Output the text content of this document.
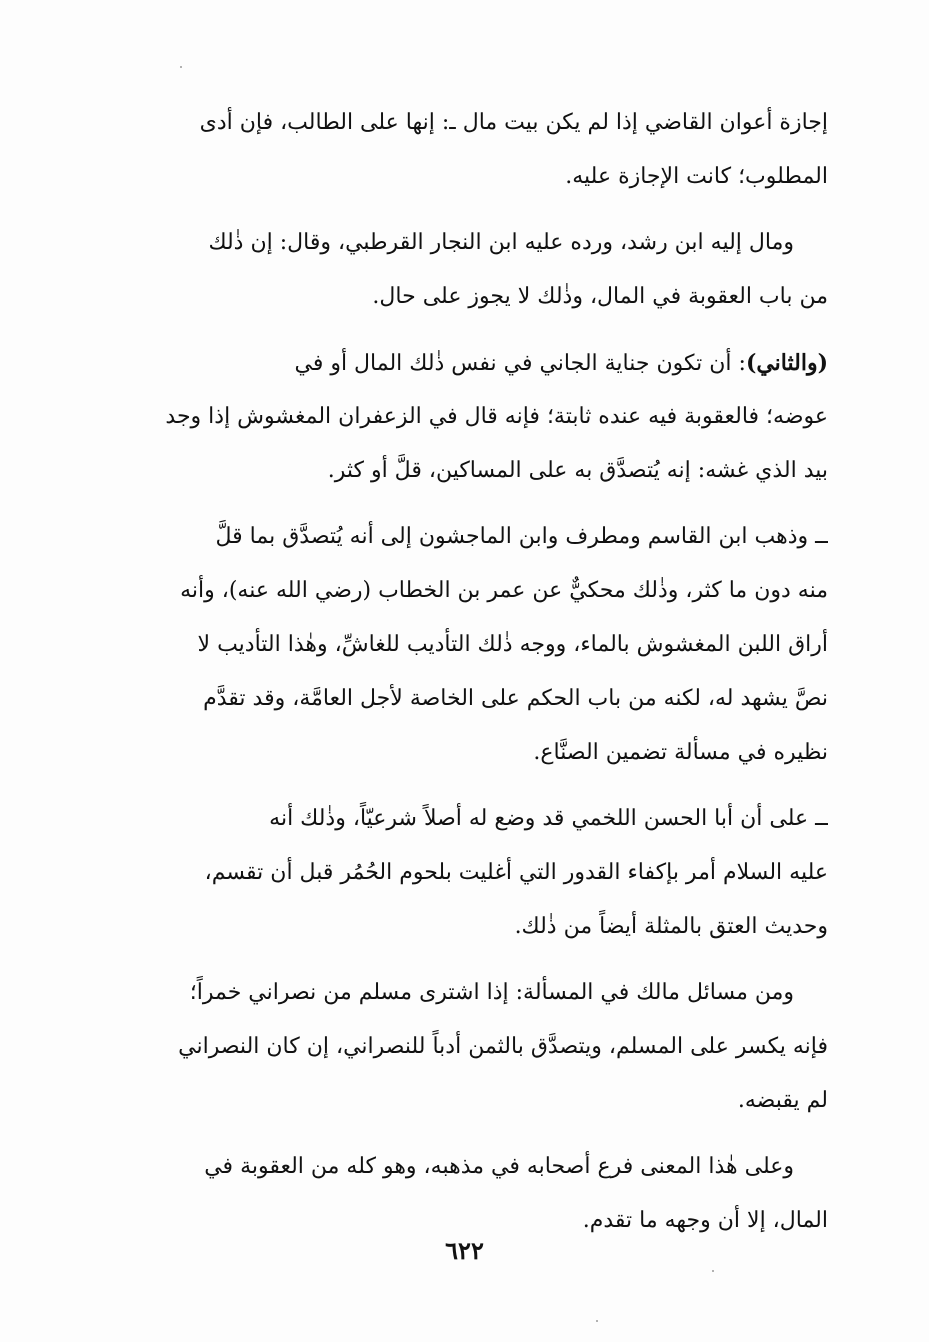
إجازة أعوان القاضي إذا لم يكن بيت مال ـ: إنها على الطالب، فإن أدى
المطلوب؛ كانت الإجازة عليه.
ومال إليه ابن رشد، ورده عليه ابن النجار القرطبي، وقال: إن ذٰلك
من باب العقوبة في المال، وذٰلك لا يجوز على حال.
(والثاني): أن تكون جناية الجاني في نفس ذٰلك المال أو في
عوضه؛ فالعقوبة فيه عنده ثابتة؛ فإنه قال في الزعفران المغشوش إذا وجد
بيد الذي غشه: إنه يُتصدَّق به على المساكين، قلَّ أو كثر.
ــ وذهب ابن القاسم ومطرف وابن الماجشون إلى أنه يُتصدَّق بما قلَّ
منه دون ما كثر، وذٰلك محكيٌّ عن عمر بن الخطاب (رضي الله عنه)، وأنه
أراق اللبن المغشوش بالماء، ووجه ذٰلك التأديب للغاشِّ، وهٰذا التأديب لا
نصَّ يشهد له، لكنه من باب الحكم على الخاصة لأجل العامَّة، وقد تقدَّم
نظيره في مسألة تضمين الصنَّاع.
ــ على أن أبا الحسن اللخمي قد وضع له أصلاً شرعيّاً، وذٰلك أنه
عليه السلام أمر بإكفاء القدور التي أغليت بلحوم الحُمُر قبل أن تقسم،
وحديث العتق بالمثلة أيضاً من ذٰلك.
ومن مسائل مالك في المسألة: إذا اشترى مسلم من نصراني خمراً؛
فإنه يكسر على المسلم، ويتصدَّق بالثمن أدباً للنصراني، إن كان النصراني
لم يقبضه.
وعلى هٰذا المعنى فرع أصحابه في مذهبه، وهو كله من العقوبة في
المال، إلا أن وجهه ما تقدم.
٦٢٢
